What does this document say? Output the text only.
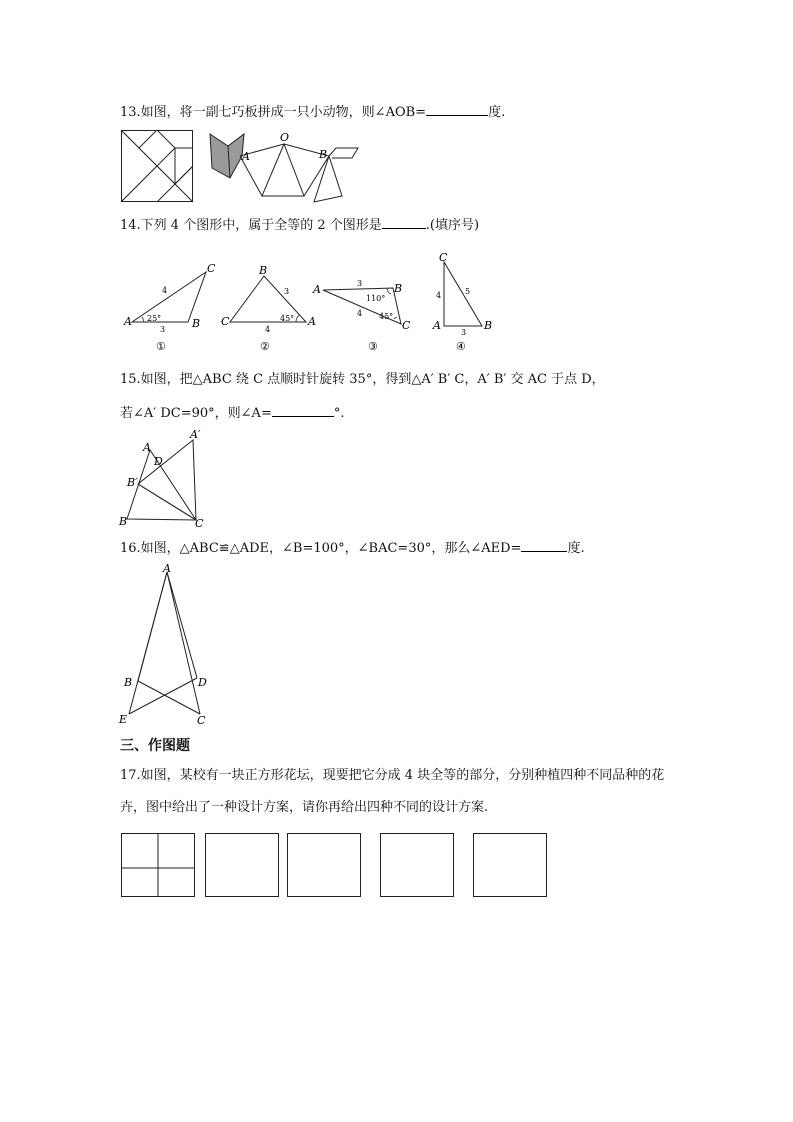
13.如图，将一副七巧板拼成一只小动物，则∠AOB=	度.
O
A	B
14.下列 4 个图形中，属于全等的 2 个图形是	.(填序号)
A	B
C
4
3
25°
①
C
B
A
3
4
45°
②
A	B
C
3
4
110°
45°
③
C
A	B
4	5
3
④
15.如图，把△ABC 绕 C 点顺时针旋转 35°，得到△A′ B′ C，A′ B′ 交 AC 于点 D，
若∠A′ DC=90°，则∠A=	°.
A
A′
D
B′
B	C
16.如图，△ABC≌△ADE，∠B=100°，∠BAC=30°，那么∠AED=	度.
A
B	D
E	C
三、作图题
17.如图，某校有一块正方形花坛，现要把它分成 4 块全等的部分，分别种植四种不同品种的花
卉，图中给出了一种设计方案，请你再给出四种不同的设计方案.
